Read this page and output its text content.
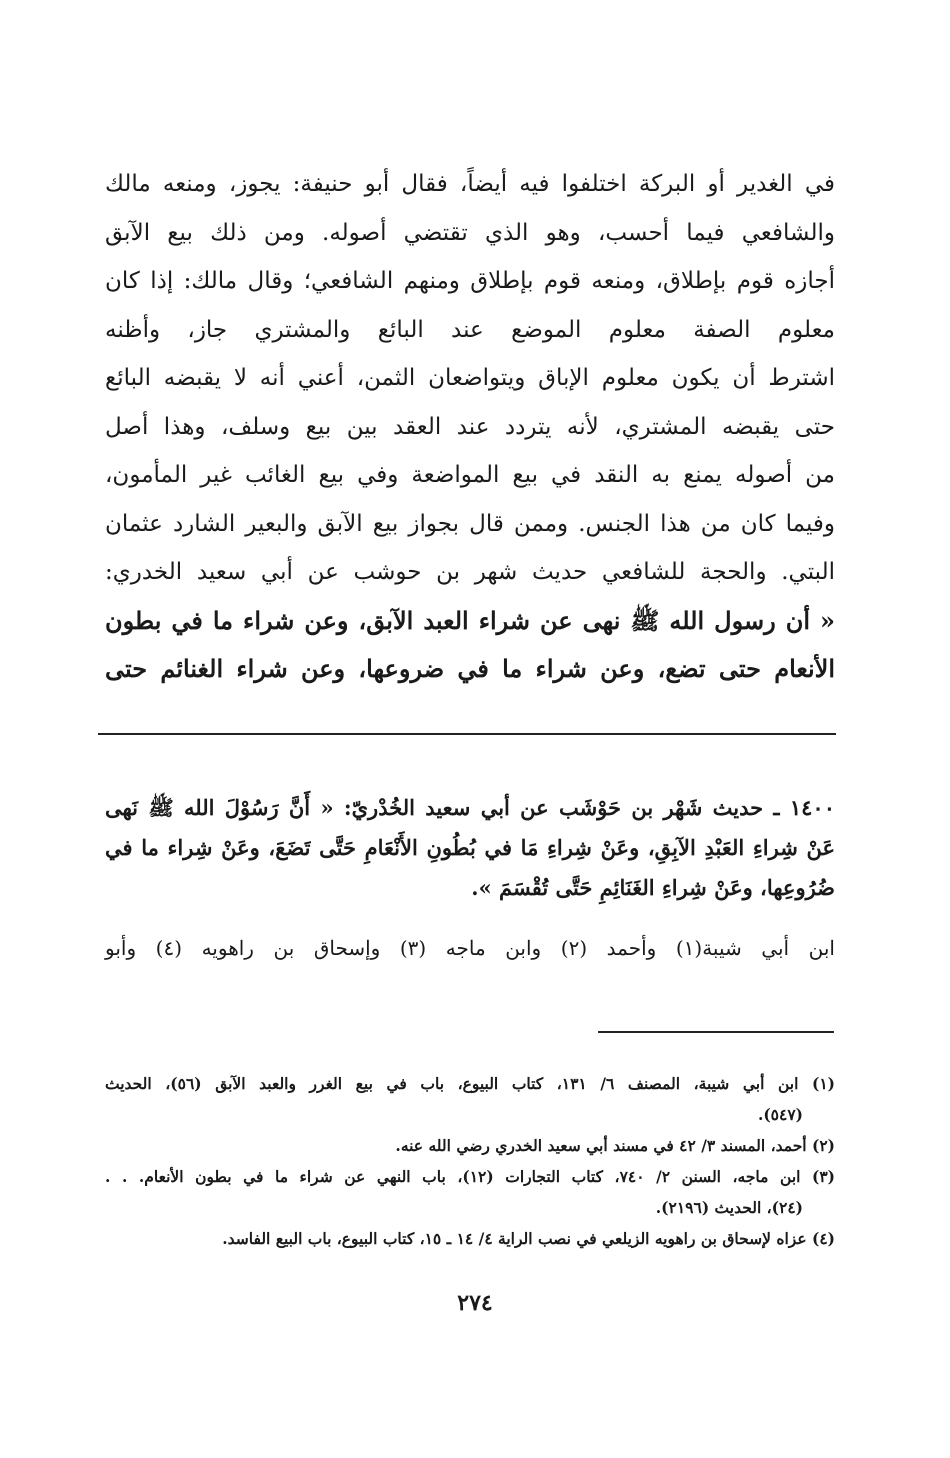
في الغدير أو البركة اختلفوا فيه أيضاً، فقال أبو حنيفة: يجوز، ومنعه مالك
والشافعي فيما أحسب، وهو الذي تقتضي أصوله. ومن ذلك بيع الآبق
أجازه قوم بإطلاق، ومنعه قوم بإطلاق ومنهم الشافعي؛ وقال مالك: إذا كان
معلوم الصفة معلوم الموضع عند البائع والمشتري جاز، وأظنه
اشترط أن يكون معلوم الإباق ويتواضعان الثمن، أعني أنه لا يقبضه البائع
حتى يقبضه المشتري، لأنه يتردد عند العقد بين بيع وسلف، وهذا أصل
من أصوله يمنع به النقد في بيع المواضعة وفي بيع الغائب غير المأمون،
وفيما كان من هذا الجنس. وممن قال بجواز بيع الآبق والبعير الشارد عثمان
البتي. والحجة للشافعي حديث شهر بن حوشب عن أبي سعيد الخدري:
« أن رسول الله ﷺ نهى عن شراء العبد الآبق، وعن شراء ما في بطون
الأنعام حتى تضع، وعن شراء ما في ضروعها، وعن شراء الغنائم حتى
١٤٠٠ ـ حديث شَهْر بن حَوْشَب عن أبي سعيد الخُدْريّ: « أَنَّ رَسُوْلَ الله ﷺ نَهى
عَنْ شِراءِ العَبْدِ الآبِقِ، وعَنْ شِراءِ مَا في بُطُونِ الأَنْعَامِ حَتَّى تَضَعَ، وعَنْ شِراء ما في
ضُرُوعِها، وعَنْ شِراءِ الغَنَائِمِ حَتَّى تُقْسَمَ ».
ابن أبي شيبة(١) وأحمد (٢) وابن ماجه (٣) وإسحاق بن راهويه (٤) وأبو
(١) ابن أبي شيبة، المصنف ٦/ ١٣١، كتاب البيوع، باب في بيع الغرر والعبد الآبق (٥٦)، الحديث
(٥٤٧).
(٢) أحمد، المسند ٣/ ٤٢ في مسند أبي سعيد الخدري رضي الله عنه.
(٣) ابن ماجه، السنن ٢/ ٧٤٠، كتاب التجارات (١٢)، باب النهي عن شراء ما في بطون الأنعام. . .
(٢٤)، الحديث (٢١٩٦).
(٤) عزاه لإسحاق بن راهويه الزيلعي في نصب الراية ٤/ ١٤ ـ ١٥، كتاب البيوع، باب البيع الفاسد.
٢٧٤
